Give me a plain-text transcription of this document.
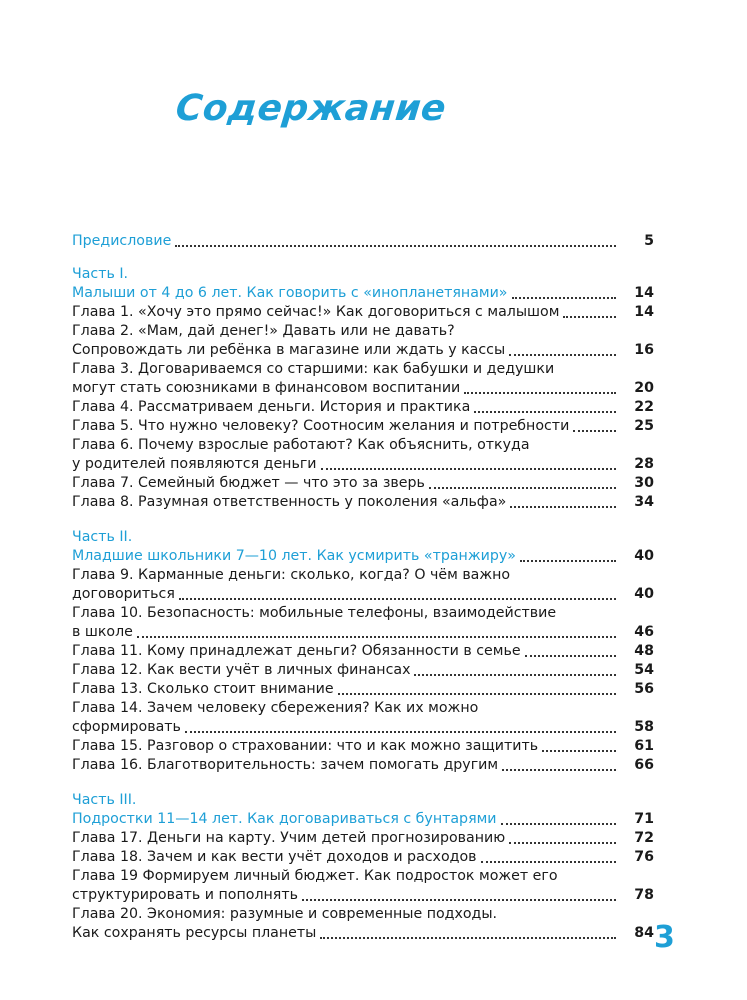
Содержание
Предисловие	5
Часть I.
Малыши от 4 до 6 лет. Как говорить с «инопланетянами»	14
Глава 1. «Хочу это прямо сейчас!» Как договориться с малышом	14
Глава 2. «Мам, дай денег!» Давать или не давать?
Сопровождать ли ребёнка в магазине или ждать у кассы	16
Глава 3. Договариваемся со старшими: как бабушки и дедушки
могут стать союзниками в финансовом воспитании	20
Глава 4. Рассматриваем деньги. История и практика	22
Глава 5. Что нужно человеку? Соотносим желания и потребности	25
Глава 6. Почему взрослые работают? Как объяснить, откуда
у родителей появляются деньги	28
Глава 7. Семейный бюджет — что это за зверь	30
Глава 8. Разумная ответственность у поколения «альфа»	34
Часть II.
Младшие школьники 7—10 лет. Как усмирить «транжиру»	40
Глава 9. Карманные деньги: сколько, когда? О чём важно
договориться	40
Глава 10. Безопасность: мобильные телефоны, взаимодействие
в школе	46
Глава 11. Кому принадлежат деньги? Обязанности в семье	48
Глава 12. Как вести учёт в личных финансах	54
Глава 13. Сколько стоит внимание	56
Глава 14. Зачем человеку сбережения? Как их можно
сформировать	58
Глава 15. Разговор о страховании: что и как можно защитить	61
Глава 16. Благотворительность: зачем помогать другим	66
Часть III.
Подростки 11—14 лет. Как договариваться с бунтарями	71
Глава 17. Деньги на карту. Учим детей прогнозированию	72
Глава 18. Зачем и как вести учёт доходов и расходов	76
Глава 19 Формируем личный бюджет. Как подросток может его
структурировать и пополнять	78
Глава 20. Экономия: разумные и современные подходы.
Как сохранять ресурсы планеты	84 3
